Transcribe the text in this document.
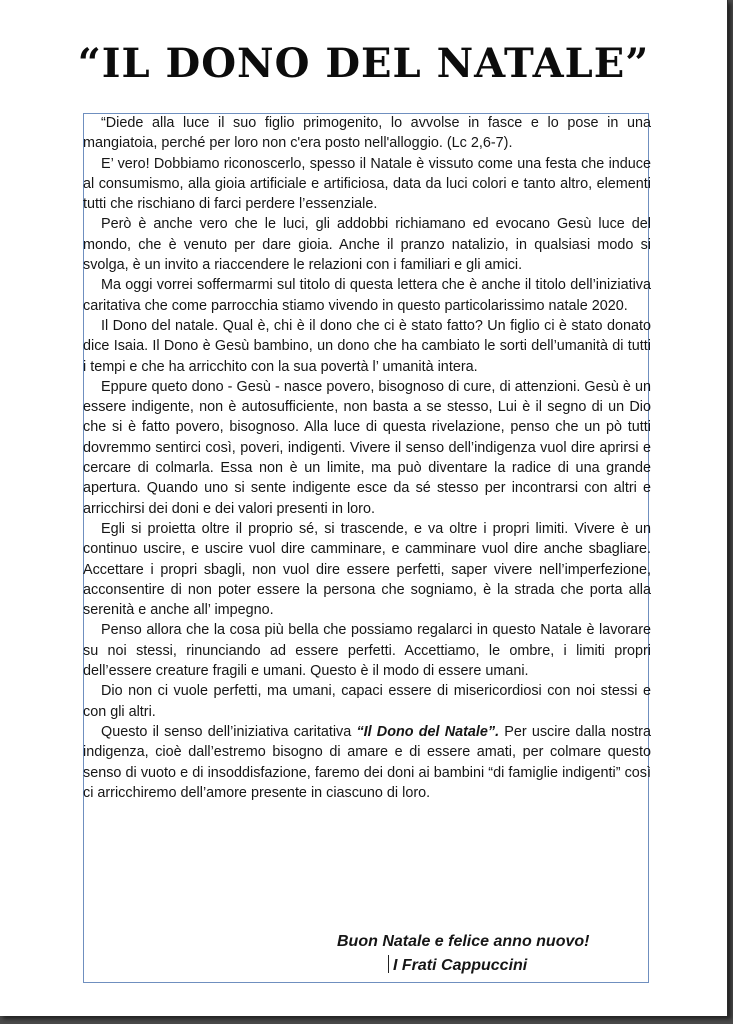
“IL DONO DEL NATALE”

“Diede alla luce il suo figlio primogenito, lo avvolse in fasce e lo pose in una mangiatoia, perché per loro non c'era posto nell'alloggio. (Lc 2,6-7).

E’ vero! Dobbiamo riconoscerlo, spesso il Natale è vissuto come una festa che induce al consumismo, alla gioia artificiale e artificiosa, data da luci colori e tanto altro, elementi tutti che rischiano di farci perdere l’essenziale.

Però è anche vero che le luci, gli addobbi richiamano ed evocano Gesù luce del mondo, che è venuto per dare gioia. Anche il pranzo natalizio, in qualsiasi modo si svolga, è un invito a riaccendere le relazioni con i familiari e gli amici.

Ma oggi vorrei soffermarmi sul titolo di questa lettera che è anche il titolo dell’iniziativa caritativa che come parrocchia stiamo vivendo in questo particolarissimo natale 2020.

Il Dono del natale. Qual è, chi è il dono che ci è stato fatto? Un figlio ci è stato donato dice Isaia. Il Dono è Gesù bambino, un dono che ha cambiato le sorti dell’umanità di tutti i tempi e che ha arricchito con la sua povertà l’ umanità intera.

Eppure queto dono - Gesù - nasce povero, bisognoso di cure, di attenzioni. Gesù è un essere indigente, non è autosufficiente, non basta a se stesso, Lui è il segno di un Dio che si è fatto povero, bisognoso. Alla luce di questa rivelazione, penso che un pò tutti dovremmo sentirci così, poveri, indigenti. Vivere il senso dell’indigenza vuol dire aprirsi e cercare di colmarla. Essa non è un limite, ma può diventare la radice di una grande apertura. Quando uno si sente indigente esce da sé stesso per incontrarsi con altri e arricchirsi dei doni e dei valori presenti in loro.

Egli si proietta oltre il proprio sé, si trascende, e va oltre i propri limiti. Vivere è un continuo uscire, e uscire vuol dire camminare, e camminare vuol dire anche sbagliare. Accettare i propri sbagli, non vuol dire essere perfetti, saper vivere nell’imperfezione, acconsentire di non poter essere la persona che sogniamo, è la strada che porta alla serenità e anche all’ impegno.

Penso allora che la cosa più bella che possiamo regalarci in questo Natale è lavorare su noi stessi, rinunciando ad essere perfetti. Accettiamo, le ombre, i limiti propri dell’essere creature fragili e umani. Questo è il modo di essere umani.

Dio non ci vuole perfetti, ma umani, capaci essere di misericordiosi con noi stessi e con gli altri.

Questo il senso dell’iniziativa caritativa “Il Dono del Natale”. Per uscire dalla nostra indigenza, cioè dall’estremo bisogno di amare e di essere amati, per colmare questo senso di vuoto e di insoddisfazione, faremo dei doni ai bambini “di famiglie indigenti” così ci arricchiremo dell’amore presente in ciascuno di loro.

Buon Natale e felice anno nuovo!
I Frati Cappuccini
